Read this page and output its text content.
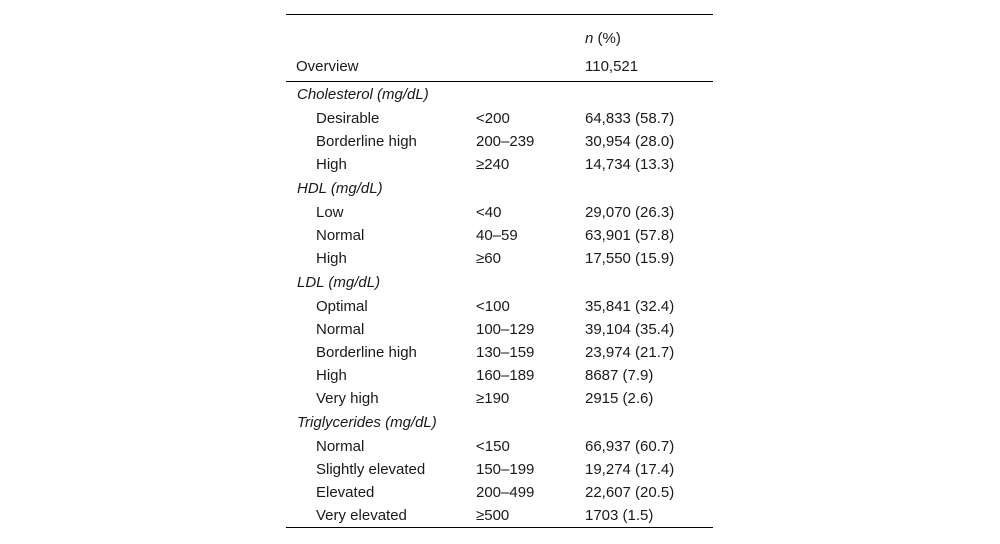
		n (%)
Overview		110,521
Cholesterol (mg/dL)		
Desirable	<200	64,833 (58.7)
Borderline high	200–239	30,954 (28.0)
High	≥240	14,734 (13.3)
HDL (mg/dL)		
Low	<40	29,070 (26.3)
Normal	40–59	63,901 (57.8)
High	≥60	17,550 (15.9)
LDL (mg/dL)		
Optimal	<100	35,841 (32.4)
Normal	100–129	39,104 (35.4)
Borderline high	130–159	23,974 (21.7)
High	160–189	8687 (7.9)
Very high	≥190	2915 (2.6)
Triglycerides (mg/dL)		
Normal	<150	66,937 (60.7)
Slightly elevated	150–199	19,274 (17.4)
Elevated	200–499	22,607 (20.5)
Very elevated	≥500	1703 (1.5)
